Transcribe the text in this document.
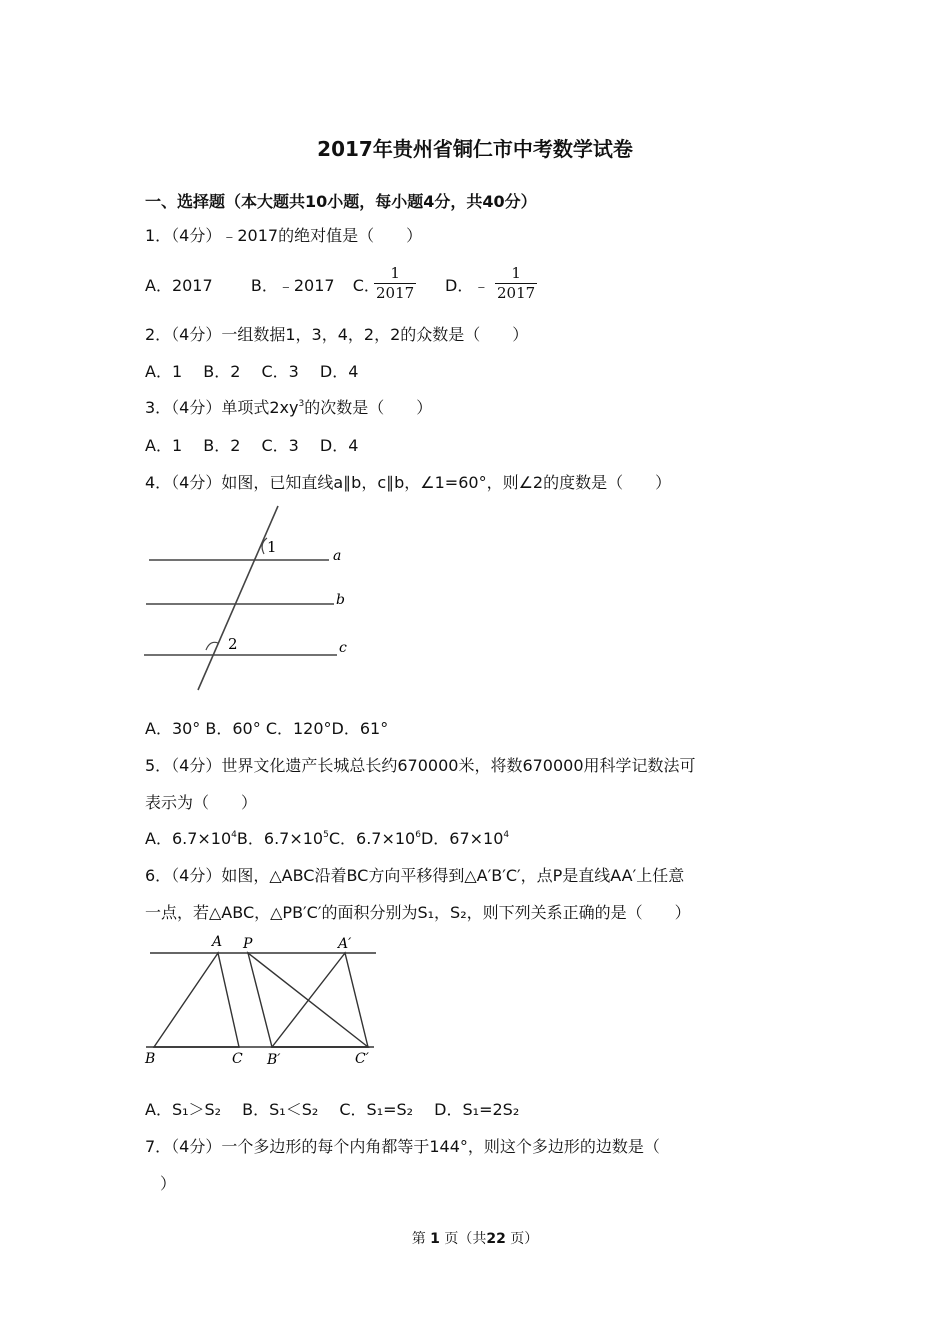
2017年贵州省铜仁市中考数学试卷
一、选择题（本大题共10小题，每小题4分，共40分）
1．（4分）﹣2017的绝对值是（　　）
A．2017 B．﹣2017 C．
$\frac{1}{2017}$ D．﹣ $\frac{1}{2017}$
2．（4分）一组数据1，3，4，2，2的众数是（　　）
A．1　 B．2　 C．3　 D．4
3．（4分）单项式$2xy^3$的次数是（　　）
A．1　 B．2　 C．3　 D．4
4．（4分）如图，已知直线a∥b，c∥b，∠1=60°，则∠2的度数是（　　）
1
2
a
b
c
A．30° B．60° C．120°D．61°
5．（4分）世界文化遗产长城总长约670000米，将数670000用科学记数法可
表示为（　　）
A．$6.7\times 10^4B$．$6.7\times 10^5C$．$6.7\times 10^6D$．$67\times 10^4$
6．（4分）如图，△ABC沿着BC方向平移得到△A′B′C′，点P是直线AA′上任意
一点，若△ABC，△PB′C′的面积分别为S₁，S₂，则下列关系正确的是（　　）
A P	A′
B	C B′	C′
A．S₁＞S₂　 B．S₁＜S₂　 C．S₁=S₂　 D．S₁=2S₂
7．（4分）一个多边形的每个内角都等于144°，则这个多边形的边数是（
）
第 1 页（共22 页）
